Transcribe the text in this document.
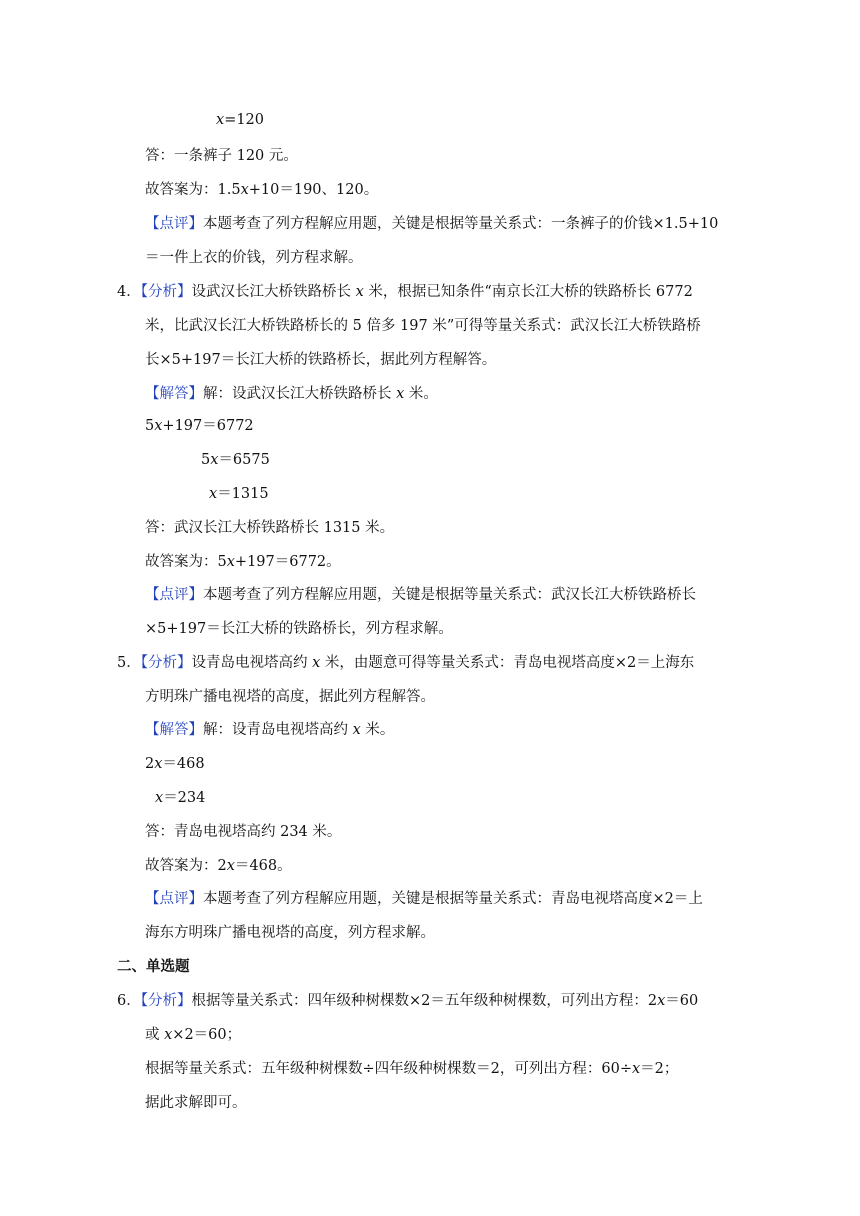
x=120
答：一条裤子 120 元。
故答案为：1.5x+10＝190、120。
【点评】本题考查了列方程解应用题，关键是根据等量关系式：一条裤子的价钱×1.5+10
＝一件上衣的价钱，列方程求解。
4．【分析】设武汉长江大桥铁路桥长 x 米，根据已知条件“南京长江大桥的铁路桥长 6772
米，比武汉长江大桥铁路桥长的 5 倍多 197 米”可得等量关系式：武汉长江大桥铁路桥
长×5+197＝长江大桥的铁路桥长，据此列方程解答。
【解答】解：设武汉长江大桥铁路桥长 x 米。
5x+197＝6772
5x＝6575
x＝1315
答：武汉长江大桥铁路桥长 1315 米。
故答案为：5x+197＝6772。
【点评】本题考查了列方程解应用题，关键是根据等量关系式：武汉长江大桥铁路桥长
×5+197＝长江大桥的铁路桥长，列方程求解。
5．【分析】设青岛电视塔高约 x 米，由题意可得等量关系式：青岛电视塔高度×2＝上海东
方明珠广播电视塔的高度，据此列方程解答。
【解答】解：设青岛电视塔高约 x 米。
2x＝468
x＝234
答：青岛电视塔高约 234 米。
故答案为：2x＝468。
【点评】本题考查了列方程解应用题，关键是根据等量关系式：青岛电视塔高度×2＝上
海东方明珠广播电视塔的高度，列方程求解。
二、单选题
6．【分析】根据等量关系式：四年级种树棵数×2＝五年级种树棵数，可列出方程：2x＝60
或 x×2＝60；
根据等量关系式：五年级种树棵数÷四年级种树棵数＝2，可列出方程：60÷x＝2；
据此求解即可。
